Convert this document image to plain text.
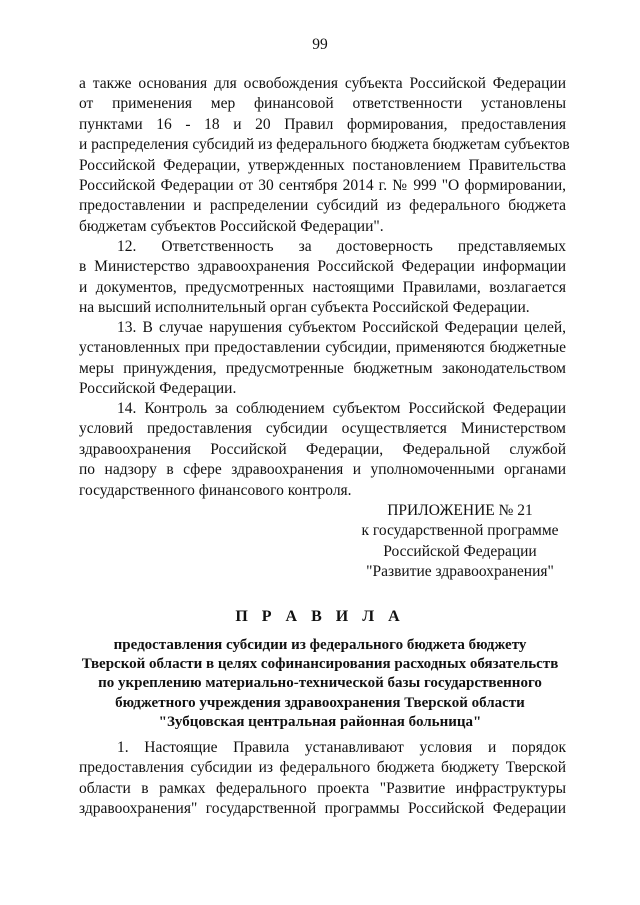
99
а также основания для освобождения субъекта Российской Федерации
от применения мер финансовой ответственности установлены
пунктами 16 - 18 и 20 Правил формирования, предоставления
и распределения субсидий из федерального бюджета бюджетам субъектов
Российской Федерации, утвержденных постановлением Правительства
Российской Федерации от 30 сентября 2014 г. № 999 "О формировании,
предоставлении и распределении субсидий из федерального бюджета
бюджетам субъектов Российской Федерации".
12. Ответственность за достоверность представляемых
в Министерство здравоохранения Российской Федерации информации
и документов, предусмотренных настоящими Правилами, возлагается
на высший исполнительный орган субъекта Российской Федерации.
13. В случае нарушения субъектом Российской Федерации целей,
установленных при предоставлении субсидии, применяются бюджетные
меры принуждения, предусмотренные бюджетным законодательством
Российской Федерации.
14. Контроль за соблюдением субъектом Российской Федерации
условий предоставления субсидии осуществляется Министерством
здравоохранения Российской Федерации, Федеральной службой
по надзору в сфере здравоохранения и уполномоченными органами
государственного финансового контроля.
ПРИЛОЖЕНИЕ № 21
к государственной программе
Российской Федерации
"Развитие здравоохранения"
П Р А В И Л А
предоставления субсидии из федерального бюджета бюджету
Тверской области в целях софинансирования расходных обязательств
по укреплению материально-технической базы государственного
бюджетного учреждения здравоохранения Тверской области
"Зубцовская центральная районная больница"
1. Настоящие Правила устанавливают условия и порядок
предоставления субсидии из федерального бюджета бюджету Тверской
области в рамках федерального проекта "Развитие инфраструктуры
здравоохранения" государственной программы Российской Федерации
